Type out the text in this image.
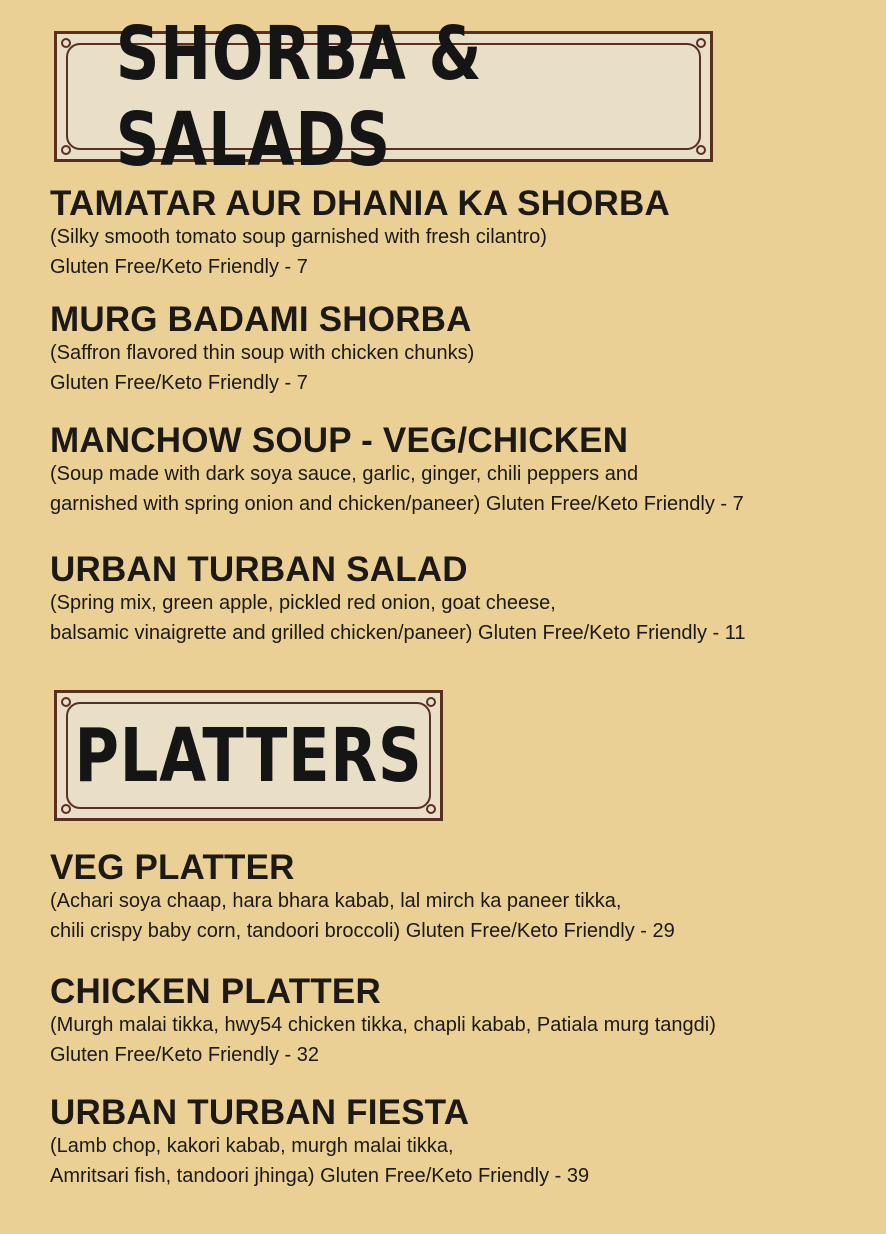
SHORBA & SALADS
TAMATAR AUR DHANIA KA SHORBA

(Silky smooth tomato soup garnished with fresh cilantro)

Gluten Free/Keto Friendly - 7

MURG BADAMI SHORBA

(Saffron flavored thin soup with chicken chunks)

Gluten Free/Keto Friendly - 7

MANCHOW SOUP - VEG/CHICKEN

(Soup made with dark soya sauce, garlic, ginger, chili peppers and

garnished with spring onion and chicken/paneer) Gluten Free/Keto Friendly - 7

URBAN TURBAN SALAD

(Spring mix, green apple, pickled red onion, goat cheese,

balsamic vinaigrette and grilled chicken/paneer) Gluten Free/Keto Friendly - 11

PLATTERS
VEG PLATTER

(Achari soya chaap, hara bhara kabab, lal mirch ka paneer tikka,

chili crispy baby corn, tandoori broccoli) Gluten Free/Keto Friendly - 29

CHICKEN PLATTER

(Murgh malai tikka, hwy54 chicken tikka, chapli kabab, Patiala murg tangdi)

Gluten Free/Keto Friendly - 32

URBAN TURBAN FIESTA

(Lamb chop, kakori kabab, murgh malai tikka,

Amritsari fish, tandoori jhinga) Gluten Free/Keto Friendly - 39
